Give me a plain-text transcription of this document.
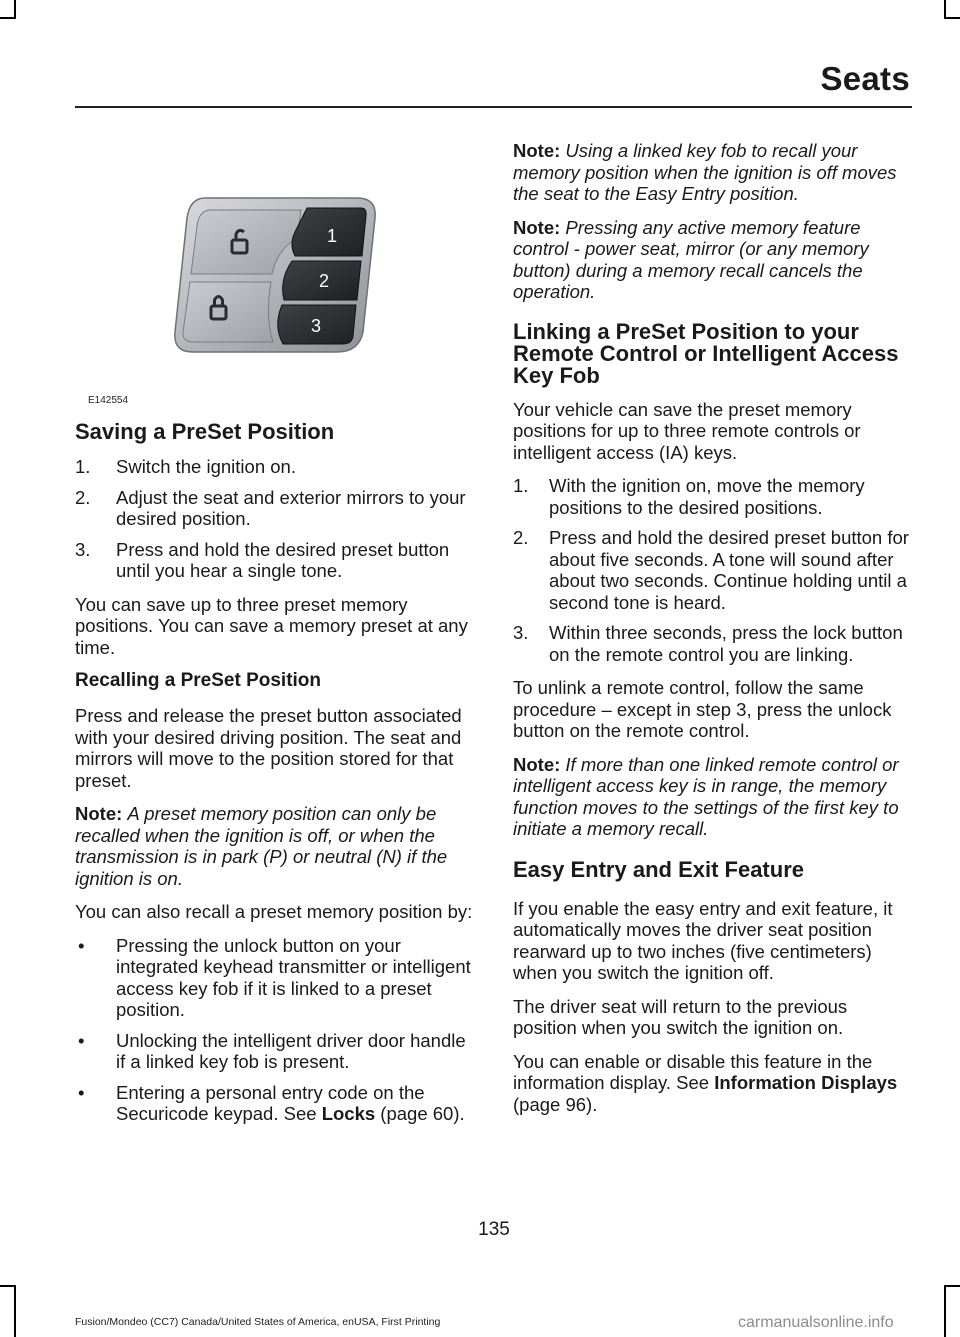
Seats
1
2
3
E142554
Saving a PreSet Position
1. Switch the ignition on.
2. Adjust the seat and exterior mirrors to your desired position.
3. Press and hold the desired preset button until you hear a single tone.

You can save up to three preset memory positions. You can save a memory preset at any time.

Recalling a PreSet Position

Press and release the preset button associated with your desired driving position. The seat and mirrors will move to the position stored for that preset.

Note: A preset memory position can only be recalled when the ignition is off, or when the transmission is in park (P) or neutral (N) if the ignition is on.

You can also recall a preset memory position by:

• Pressing the unlock button on your integrated keyhead transmitter or intelligent access key fob if it is linked to a preset position.
• Unlocking the intelligent driver door handle if a linked key fob is present.
• Entering a personal entry code on the Securicode keypad. See Locks (page 60).

Note: Using a linked key fob to recall your memory position when the ignition is off moves the seat to the Easy Entry position.

Note: Pressing any active memory feature control - power seat, mirror (or any memory button) during a memory recall cancels the operation.

Linking a PreSet Position to your Remote Control or Intelligent Access Key Fob

Your vehicle can save the preset memory positions for up to three remote controls or intelligent access (IA) keys.

1. With the ignition on, move the memory positions to the desired positions.
2. Press and hold the desired preset button for about five seconds. A tone will sound after about two seconds. Continue holding until a second tone is heard.
3. Within three seconds, press the lock button on the remote control you are linking.

To unlink a remote control, follow the same procedure – except in step 3, press the unlock button on the remote control.

Note: If more than one linked remote control or intelligent access key is in range, the memory function moves to the settings of the first key to initiate a memory recall.

Easy Entry and Exit Feature

If you enable the easy entry and exit feature, it automatically moves the driver seat position rearward up to two inches (five centimeters) when you switch the ignition off.

The driver seat will return to the previous position when you switch the ignition on.

You can enable or disable this feature in the information display. See Information Displays (page 96).

135
Fusion/Mondeo (CC7) Canada/United States of America, enUSA, First Printing	carmanualsonline.info
